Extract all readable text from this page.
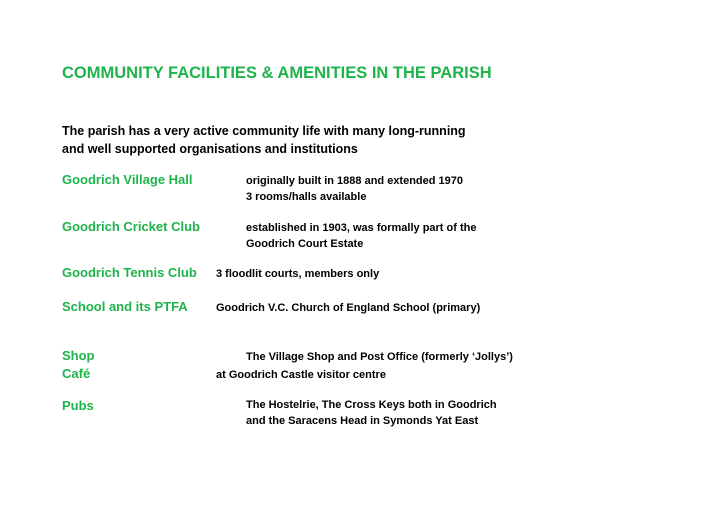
COMMUNITY FACILITIES & AMENITIES IN THE PARISH

The parish has a very active community life with many long-running
and well supported organisations and institutions

Goodrich Village Hall	originally built in 1888 and extended 1970
3 rooms/halls available
Goodrich Cricket Club	established in 1903, was formally part of the
Goodrich Court Estate
Goodrich Tennis Club 3 floodlit courts, members only
School and its PTFA	Goodrich V.C. Church of England School (primary)
Shop	The Village Shop and Post Office (formerly ‘Jollys’)
Café	at Goodrich Castle visitor centre
Pubs	The Hostelrie, The Cross Keys both in Goodrich
and the Saracens Head in Symonds Yat East
